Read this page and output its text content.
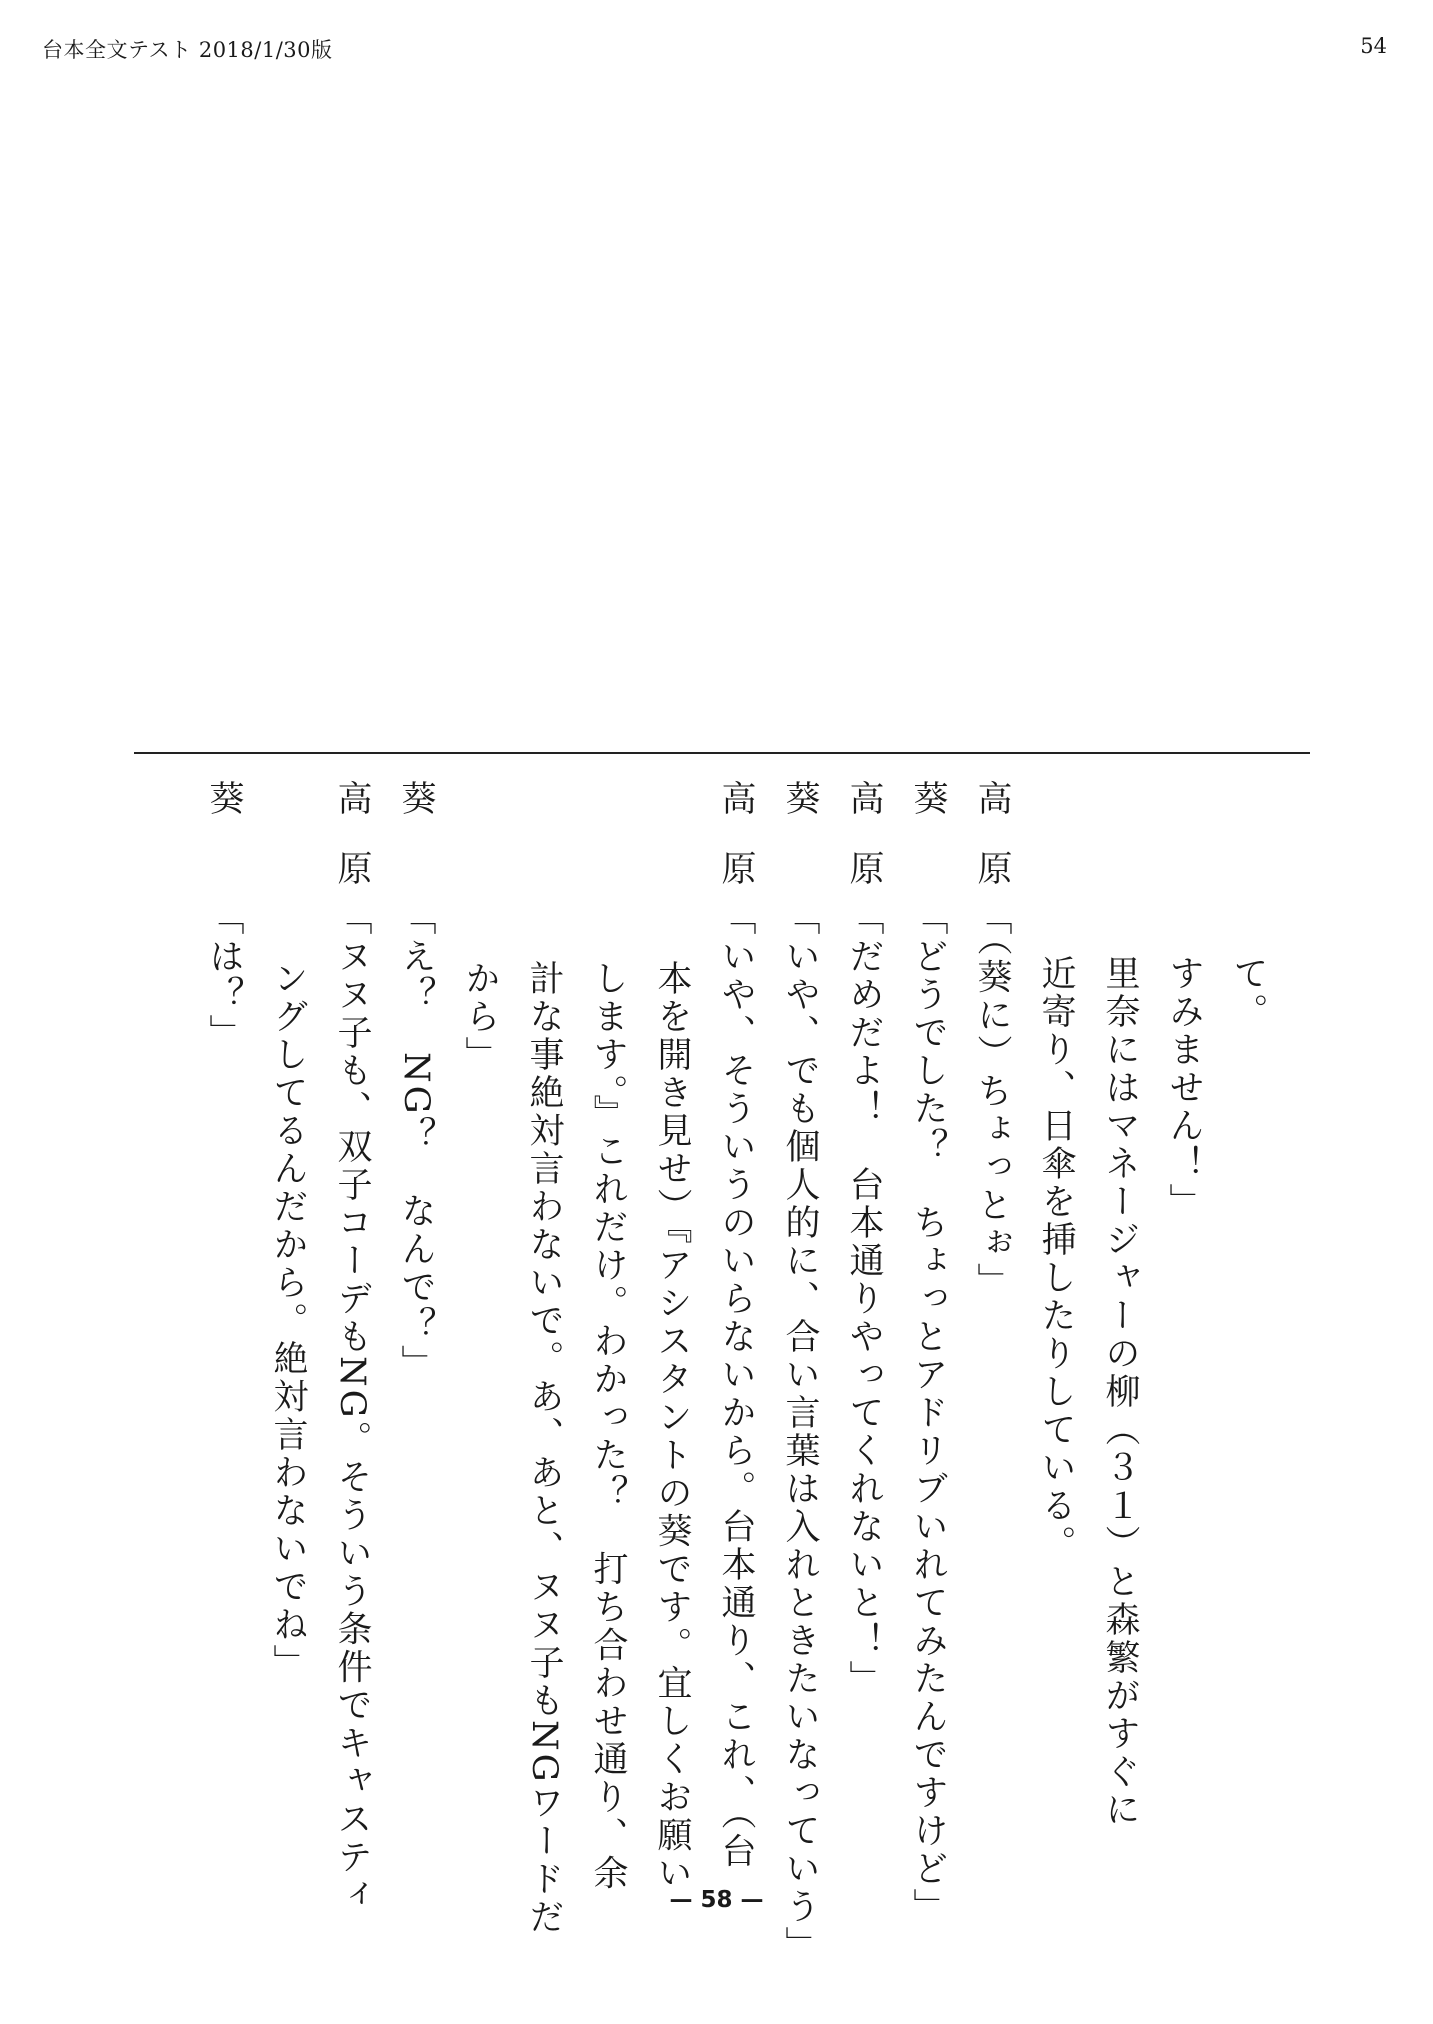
台本全文テスト 2018/1/30版	54
て。
すみません！」
里奈にはマネージャーの柳（３１）と森繁がすぐに
近寄り、日傘を挿したりしている。
高　原「（葵に）ちょっとぉ」
葵「どうでした？　ちょっとアドリブいれてみたんですけど」
高　原「だめだよ！　台本通りやってくれないと！」
葵「いや、でも個人的に、合い言葉は入れときたいなっていう」
高　原「いや、そういうのいらないから。台本通り、これ、（台
本を開き見せ）『アシスタントの葵です。宜しくお願い
します。』これだけ。わかった？　打ち合わせ通り、余
計な事絶対言わないで。あ、あと、ヌヌ子もNGワードだ
から」
葵「え？　NG？　なんで？」
高　原「ヌヌ子も、双子コーデもNG。そういう条件でキャスティ
ングしてるんだから。絶対言わないでね」
葵「は？」
— 58 —
